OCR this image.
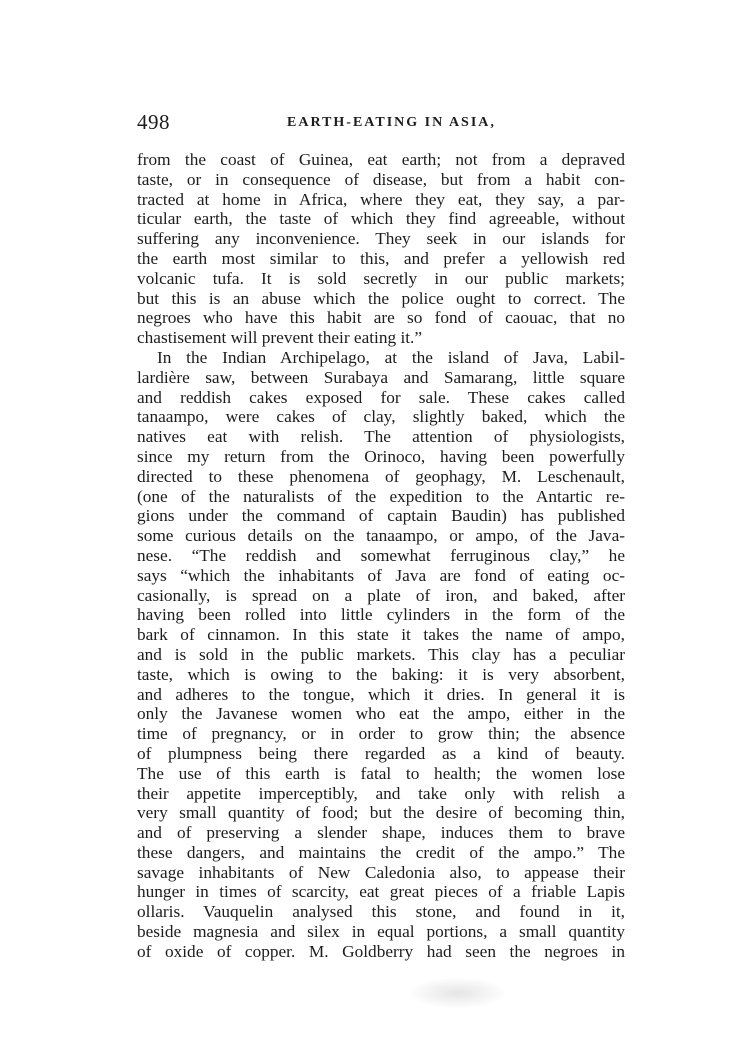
498	EARTH-EATING IN ASIA,
from the coast of Guinea, eat earth; not from a depraved
taste, or in consequence of disease, but from a habit con-
tracted at home in Africa, where they eat, they say, a par-
ticular earth, the taste of which they find agreeable, without
suffering any inconvenience. They seek in our islands for
the earth most similar to this, and prefer a yellowish red
volcanic tufa. It is sold secretly in our public markets;
but this is an abuse which the police ought to correct. The
negroes who have this habit are so fond of caouac, that no
chastisement will prevent their eating it.”
In the Indian Archipelago, at the island of Java, Labil-
lardière saw, between Surabaya and Samarang, little square
and reddish cakes exposed for sale. These cakes called
tanaampo, were cakes of clay, slightly baked, which the
natives eat with relish. The attention of physiologists,
since my return from the Orinoco, having been powerfully
directed to these phenomena of geophagy, M. Leschenault,
(one of the naturalists of the expedition to the Antartic re-
gions under the command of captain Baudin) has published
some curious details on the tanaampo, or ampo, of the Java-
nese. “The reddish and somewhat ferruginous clay,” he
says “which the inhabitants of Java are fond of eating oc-
casionally, is spread on a plate of iron, and baked, after
having been rolled into little cylinders in the form of the
bark of cinnamon. In this state it takes the name of ampo,
and is sold in the public markets. This clay has a peculiar
taste, which is owing to the baking: it is very absorbent,
and adheres to the tongue, which it dries. In general it is
only the Javanese women who eat the ampo, either in the
time of pregnancy, or in order to grow thin; the absence
of plumpness being there regarded as a kind of beauty.
The use of this earth is fatal to health; the women lose
their appetite imperceptibly, and take only with relish a
very small quantity of food; but the desire of becoming thin,
and of preserving a slender shape, induces them to brave
these dangers, and maintains the credit of the ampo.” The
savage inhabitants of New Caledonia also, to appease their
hunger in times of scarcity, eat great pieces of a friable Lapis
ollaris. Vauquelin analysed this stone, and found in it,
beside magnesia and silex in equal portions, a small quantity
of oxide of copper. M. Goldberry had seen the negroes in
